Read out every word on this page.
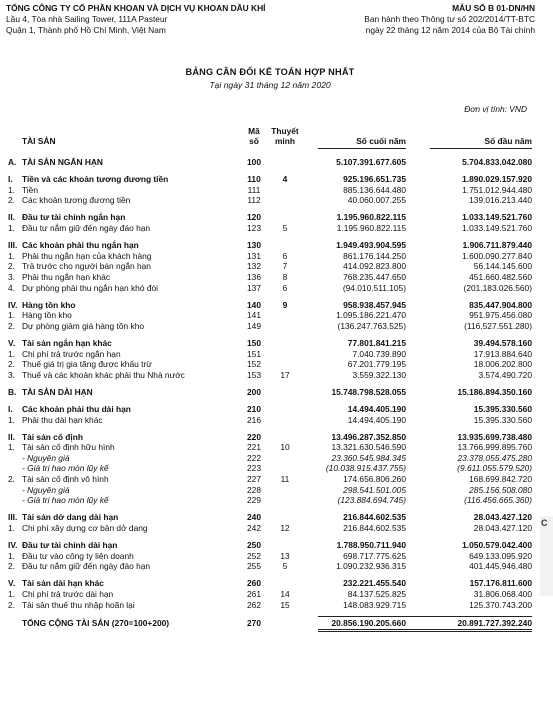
TỔNG CÔNG TY CỔ PHẦN KHOAN VÀ DỊCH VỤ KHOAN DẦU KHÍ
Lầu 4, Tòa nhà Sailing Tower, 111A Pasteur
Quận 1, Thành phố Hồ Chí Minh, Việt Nam
MẪU SỐ B 01-DN/HN
Ban hành theo Thông tư số 202/2014/TT-BTC
ngày 22 tháng 12 năm 2014 của Bộ Tài chính
BẢNG CÂN ĐỐI KẾ TOÁN HỢP NHẤT
Tại ngày 31 tháng 12 năm 2020
Đơn vị tính: VND
TÀI SẢN
Mã
số
Thuyết
minh	Số cuối năm	Số đầu năm
A. TÀI SẢN NGẮN HẠN	100	5.107.391.677.605	5.704.833.042.080
I. Tiền và các khoản tương đương tiền	110	4	925.196.651.735	1.890.029.157.920
1. Tiền	111	885.136.644.480	1.751.012.944.480
2. Các khoản tương đương tiền	112	40.060.007.255	139.016.213.440
II. Đầu tư tài chính ngắn hạn	120	1.195.960.822.115	1.033.149.521.760
1. Đầu tư nắm giữ đến ngày đáo hạn	123	5	1.195.960.822.115	1.033.149.521.760
III. Các khoản phải thu ngắn hạn	130	1.949.493.904.595	1.906.711.879.440
1. Phải thu ngắn hạn của khách hàng	131	6	861.176.144.250	1.600.090.277.840
2. Trả trước cho người bán ngắn hạn	132	7	414.092.823.800	56.144.145.600
3. Phải thu ngắn hạn khác	136	8	768.235.447.650	451.660.482.560
4. Dự phòng phải thu ngắn hạn khó đòi	137	6	(94.010.511.105)	(201.183.026.560)
IV. Hàng tồn kho	140	9	958.938.457.945	835.447.904.800
1. Hàng tồn kho	141	1.095.186.221.470	951.975.456.080
2. Dự phòng giảm giá hàng tồn kho	149	(136.247.763.525)	(116.527.551.280)
V. Tài sản ngắn hạn khác	150	77.801.841.215	39.494.578.160
1. Chi phí trả trước ngắn hạn	151	7.040.739.890	17.913.884.640
2. Thuế giá trị gia tăng được khấu trừ	152	67.201.779.195	18.006.202.800
3. Thuế và các khoản khác phải thu Nhà nước	153	17	3.559.322.130	3.574.490.720
B. TÀI SẢN DÀI HẠN	200	15.748.798.528.055	15.186.894.350.160
I. Các khoản phải thu dài hạn	210	14.494.405.190	15.395.330.560
1. Phải thu dài hạn khác	216	14.494.405.190	15.395.330.560
II. Tài sản cố định	220	13.496.287.352.850	13.935.699.738.480
1. Tài sản cố định hữu hình	221	10	13.321.630.546.590	13.766.999.895.760
- Nguyên giá	222	23.360.545.984.345	23.378.055.475.280
- Giá trị hao mòn lũy kế	223	(10.038.915.437.755)	(9.611.055.579.520)
2. Tài sản cố định vô hình	227	11	174.656.806.260	168.699.842.720
- Nguyên giá	228	298.541.501.005	285.156.508.080
- Giá trị hao mòn lũy kế	229	(123.884.694.745)	(116.456.665.360)
III. Tài sản dở dang dài hạn	240	216.844.602.535	28.043.427.120
1. Chi phí xây dựng cơ bản dở dang	242	12	216.844.602.535	28.043.427.120
IV. Đầu tư tài chính dài hạn	250	1.788.950.711.940	1.050.579.042.400
1. Đầu tư vào công ty liên doanh	252	13	698.717.775.625	649.133.095.920
2. Đầu tư nắm giữ đến ngày đáo hạn	255	5	1.090.232.936.315	401.445.946.480
V. Tài sản dài hạn khác	260	232.221.455.540	157.176.811.600
1. Chi phí trả trước dài hạn	261	14	84.137.525.825	31.806.068.400
2. Tài sản thuế thu nhập hoãn lại	262	15	148.083.929.715	125.370.743.200
TỔNG CỘNG TÀI SẢN (270=100+200)	270	20.856.190.205.660	20.891.727.392.240
C
